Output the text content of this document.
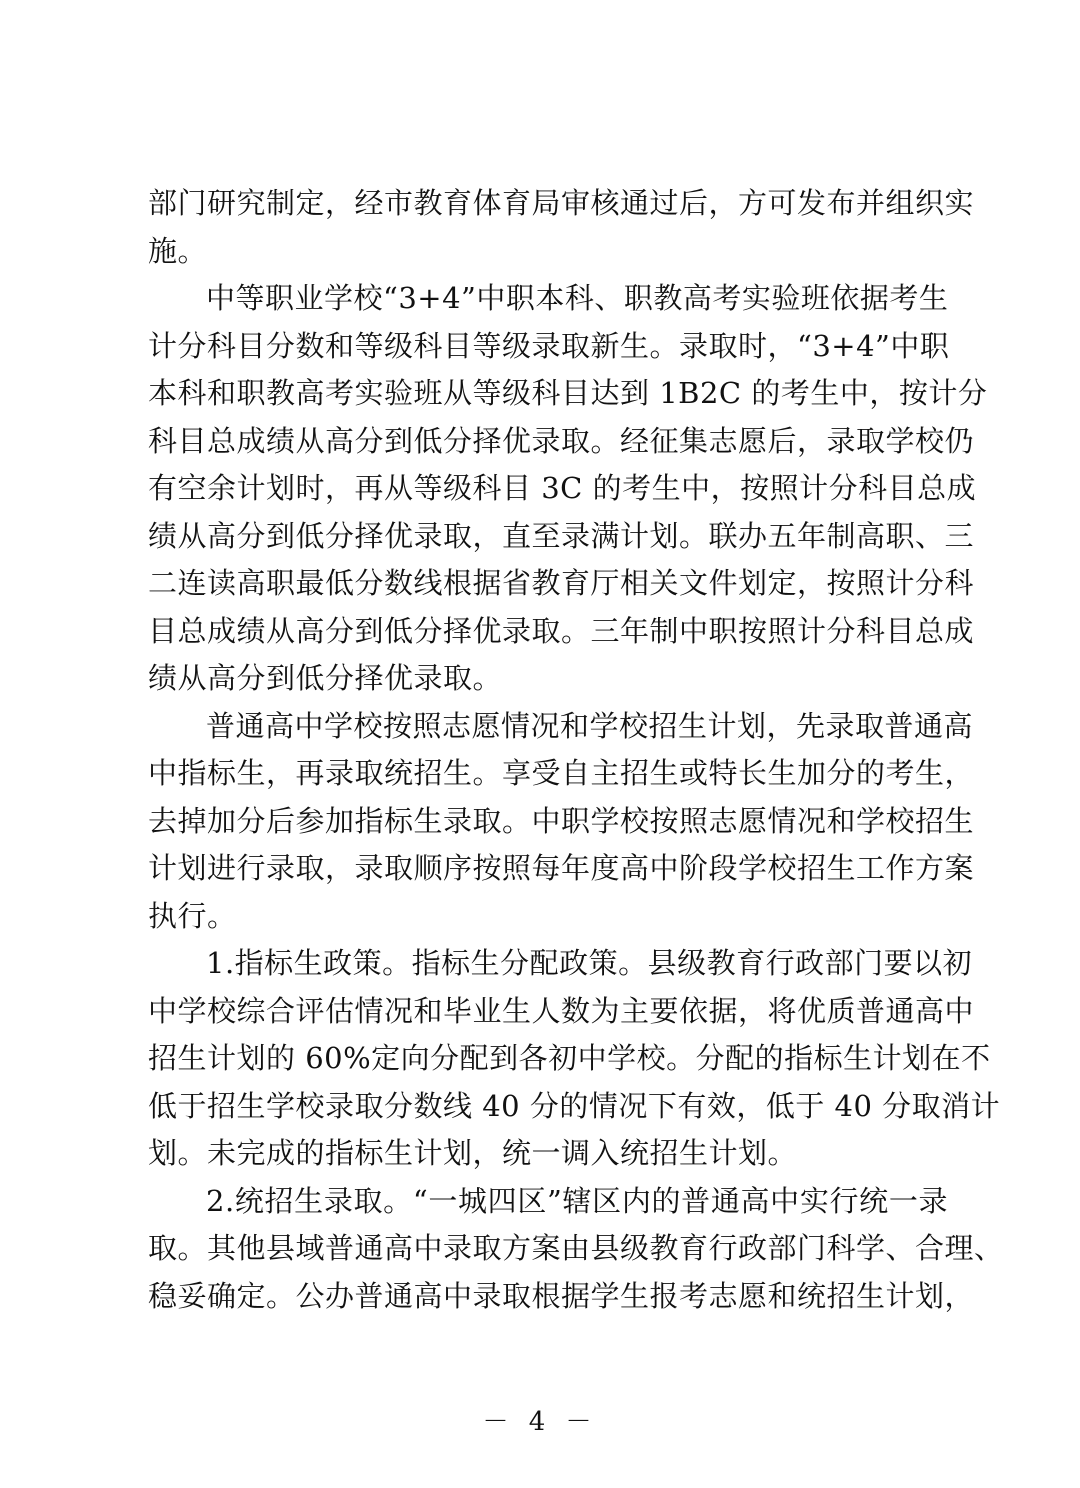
部门研究制定，经市教育体育局审核通过后，方可发布并组织实
施。
中等职业学校“3+4”中职本科、职教高考实验班依据考生
计分科目分数和等级科目等级录取新生。录取时，“3+4”中职
本科和职教高考实验班从等级科目达到 1B2C 的考生中，按计分
科目总成绩从高分到低分择优录取。经征集志愿后，录取学校仍
有空余计划时，再从等级科目 3C 的考生中，按照计分科目总成
绩从高分到低分择优录取，直至录满计划。联办五年制高职、三
二连读高职最低分数线根据省教育厅相关文件划定，按照计分科
目总成绩从高分到低分择优录取。三年制中职按照计分科目总成
绩从高分到低分择优录取。
普通高中学校按照志愿情况和学校招生计划，先录取普通高
中指标生，再录取统招生。享受自主招生或特长生加分的考生，
去掉加分后参加指标生录取。中职学校按照志愿情况和学校招生
计划进行录取，录取顺序按照每年度高中阶段学校招生工作方案
执行。
1.指标生政策。指标生分配政策。县级教育行政部门要以初
中学校综合评估情况和毕业生人数为主要依据，将优质普通高中
招生计划的 60%定向分配到各初中学校。分配的指标生计划在不
低于招生学校录取分数线 40 分的情况下有效，低于 40 分取消计
划。未完成的指标生计划，统一调入统招生计划。
2.统招生录取。“一城四区”辖区内的普通高中实行统一录
取。其他县域普通高中录取方案由县级教育行政部门科学、合理、
稳妥确定。公办普通高中录取根据学生报考志愿和统招生计划，
－ 4 －
